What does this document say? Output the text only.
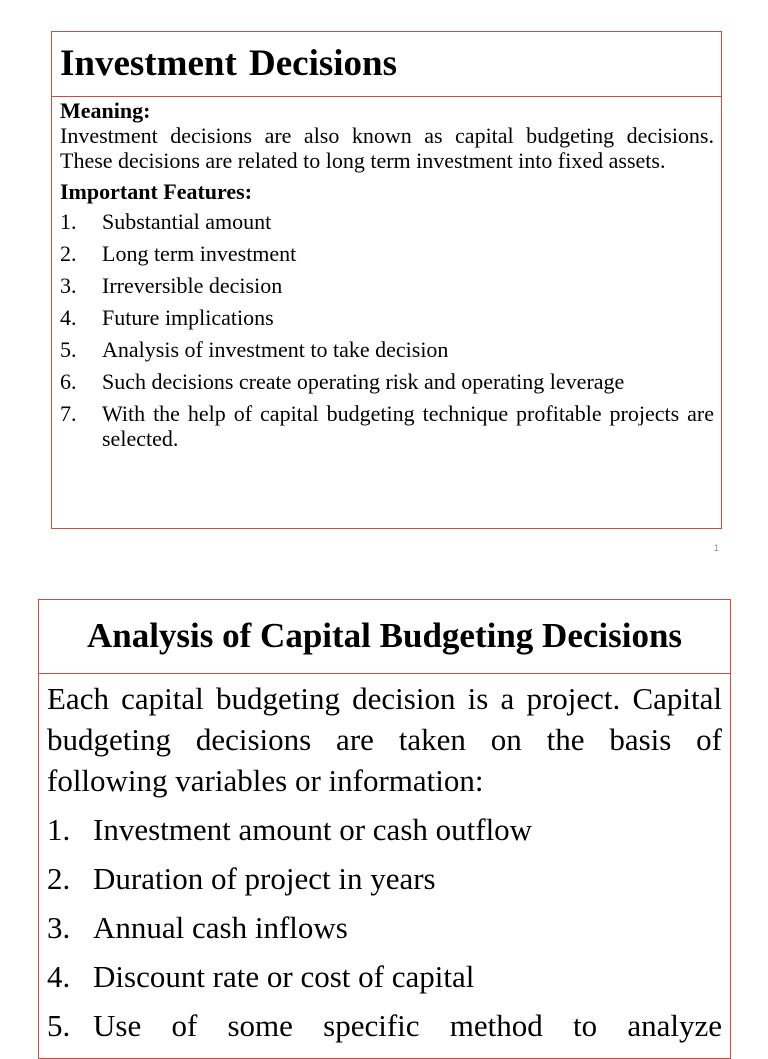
Investment Decisions

Meaning:

Investment decisions are also known as capital budgeting decisions. These decisions are related to long term investment into fixed assets.

Important Features:

1.	Substantial amount
2.	Long term investment
3.	Irreversible decision
4.	Future implications
5.	Analysis of investment to take decision
6.	Such decisions create operating risk and operating leverage
7.	With the help of capital budgeting technique profitable projects are selected.
1
Analysis of Capital Budgeting Decisions

Each capital budgeting decision is a project. Capital budgeting decisions are taken on the basis of following variables or information:

1. Investment amount or cash outflow
2. Duration of project in years
3. Annual cash inflows
4. Discount rate or cost of capital
5. Use of some specific method to analyze
